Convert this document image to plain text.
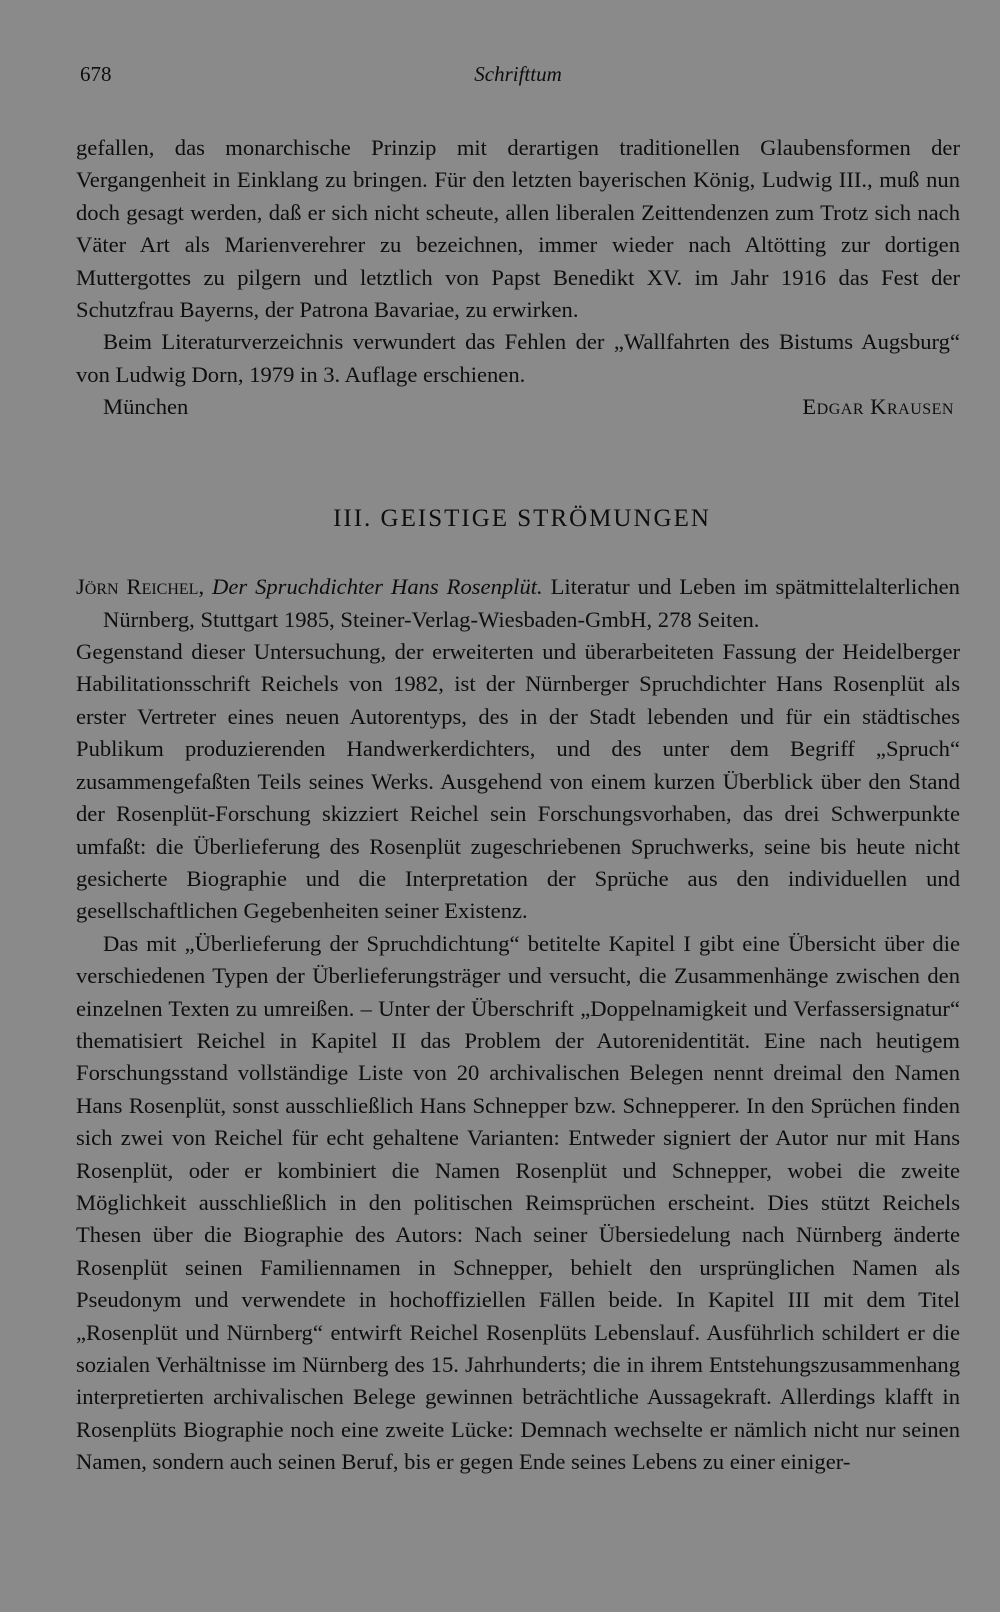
678	Schrifttum

gefallen, das monarchische Prinzip mit derartigen traditionellen Glaubensformen der Vergangenheit in Einklang zu bringen. Für den letzten bayerischen König, Ludwig III., muß nun doch gesagt werden, daß er sich nicht scheute, allen liberalen Zeittendenzen zum Trotz sich nach Väter Art als Marienverehrer zu bezeichnen, immer wieder nach Altötting zur dortigen Muttergottes zu pilgern und letztlich von Papst Benedikt XV. im Jahr 1916 das Fest der Schutzfrau Bayerns, der Patrona Bavariae, zu erwirken.

Beim Literaturverzeichnis verwundert das Fehlen der „Wallfahrten des Bistums Augsburg“ von Ludwig Dorn, 1979 in 3. Auflage erschienen.

München	Edgar Krausen
III. GEISTIGE STRÖMUNGEN
Jörn Reichel, Der Spruchdichter Hans Rosenplüt. Literatur und Leben im spätmittelalterlichen Nürnberg, Stuttgart 1985, Steiner-Verlag-Wiesbaden-GmbH, 278 Seiten.

Gegenstand dieser Untersuchung, der erweiterten und überarbeiteten Fassung der Heidelberger Habilitationsschrift Reichels von 1982, ist der Nürnberger Spruchdichter Hans Rosenplüt als erster Vertreter eines neuen Autorentyps, des in der Stadt lebenden und für ein städtisches Publikum produzierenden Handwerkerdichters, und des unter dem Begriff „Spruch“ zusammengefaßten Teils seines Werks. Ausgehend von einem kurzen Überblick über den Stand der Rosenplüt-Forschung skizziert Reichel sein Forschungsvorhaben, das drei Schwerpunkte umfaßt: die Überlieferung des Rosenplüt zugeschriebenen Spruchwerks, seine bis heute nicht gesicherte Biographie und die Interpretation der Sprüche aus den individuellen und gesellschaftlichen Gegebenheiten seiner Existenz.

Das mit „Überlieferung der Spruchdichtung“ betitelte Kapitel I gibt eine Übersicht über die verschiedenen Typen der Überlieferungsträger und versucht, die Zusammenhänge zwischen den einzelnen Texten zu umreißen. – Unter der Überschrift „Doppelnamigkeit und Verfassersignatur“ thematisiert Reichel in Kapitel II das Problem der Autorenidentität. Eine nach heutigem Forschungsstand vollständige Liste von 20 archivalischen Belegen nennt dreimal den Namen Hans Rosenplüt, sonst ausschließlich Hans Schnepper bzw. Schnepperer. In den Sprüchen finden sich zwei von Reichel für echt gehaltene Varianten: Entweder signiert der Autor nur mit Hans Rosenplüt, oder er kombiniert die Namen Rosenplüt und Schnepper, wobei die zweite Möglichkeit ausschließlich in den politischen Reimsprüchen erscheint. Dies stützt Reichels Thesen über die Biographie des Autors: Nach seiner Übersiedelung nach Nürnberg änderte Rosenplüt seinen Familiennamen in Schnepper, behielt den ursprünglichen Namen als Pseudonym und verwendete in hochoffiziellen Fällen beide. In Kapitel III mit dem Titel „Rosenplüt und Nürnberg“ entwirft Reichel Rosenplüts Lebenslauf. Ausführlich schildert er die sozialen Verhältnisse im Nürnberg des 15. Jahrhunderts; die in ihrem Entstehungszusammenhang interpretierten archivalischen Belege gewinnen beträchtliche Aussagekraft. Allerdings klafft in Rosenplüts Biographie noch eine zweite Lücke: Demnach wechselte er nämlich nicht nur seinen Namen, sondern auch seinen Beruf, bis er gegen Ende seines Lebens zu einer einiger-
